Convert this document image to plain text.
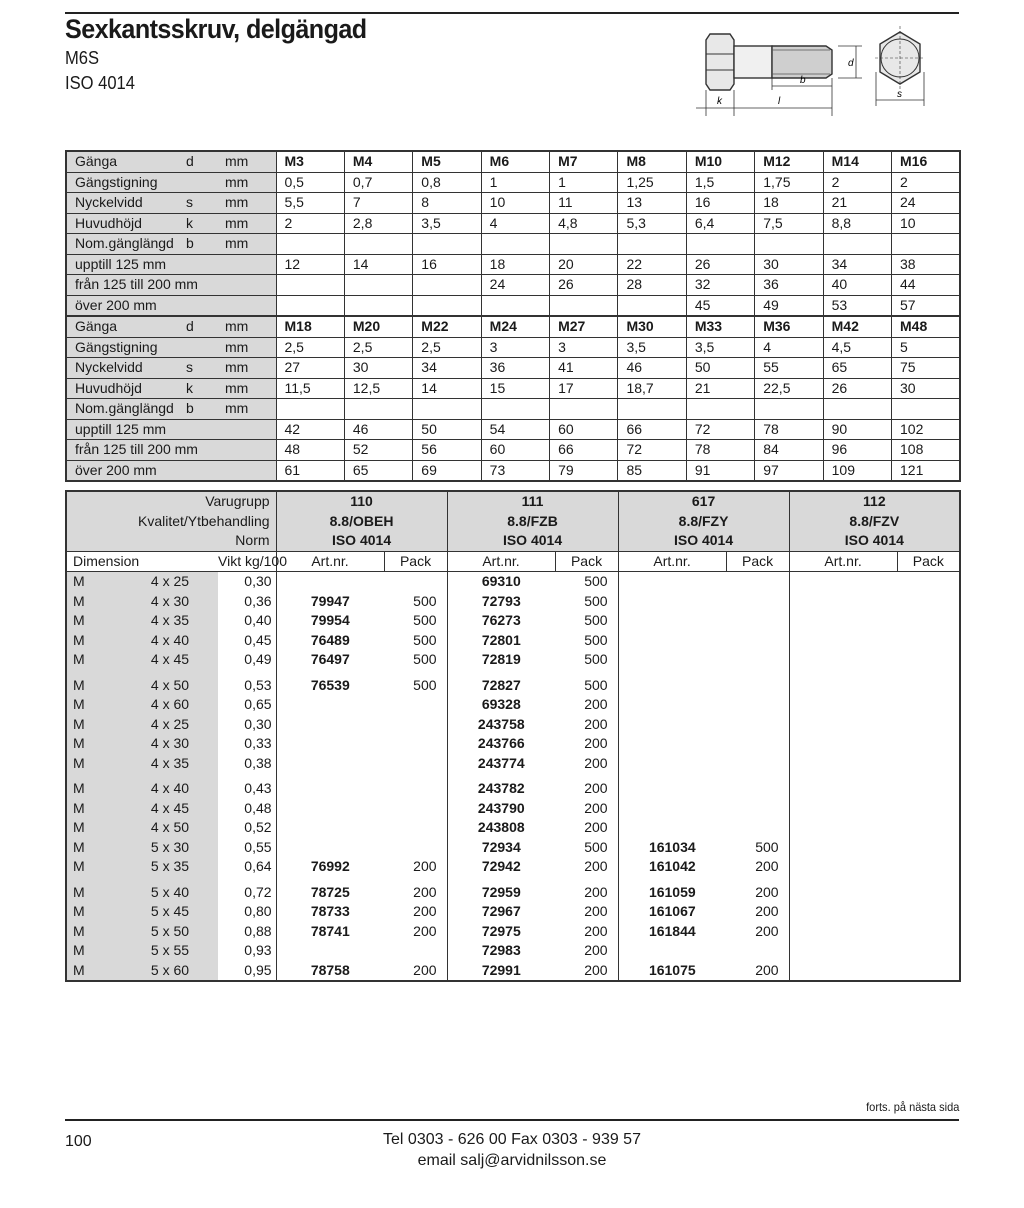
Sexkantsskruv, delgängad
M6S
ISO 4014
d
b
k	l
s
Gänga d mm	M3	M4	M5	M6	M7	M8	M10	M12	M14	M16

Gängstigning mm	0,5	0,7	0,8	1	1	1,25	1,5	1,75	2	2

Nyckelvidd s mm	5,5	7	8	10	11	13	16	18	21	24

Huvudhöjd k mm	2	2,8	3,5	4	4,8	5,3	6,4	7,5	8,8	10

Nom.gänglängd b mm										

upptill 125 mm	12	14	16	18	20	22	26	30	34	38

från 125 till 200 mm				24	26	28	32	36	40	44

över 200 mm							45	49	53	57

Gänga d mm	M18	M20	M22	M24	M27	M30	M33	M36	M42	M48

Gängstigning mm	2,5	2,5	2,5	3	3	3,5	3,5	4	4,5	5

Nyckelvidd s mm	27	30	34	36	41	46	50	55	65	75

Huvudhöjd k mm	11,5	12,5	14	15	17	18,7	21	22,5	26	30

Nom.gänglängd b mm										

upptill 125 mm	42	46	50	54	60	66	72	78	90	102

från 125 till 200 mm	48	52	56	60	66	72	78	84	96	108

över 200 mm	61	65	69	73	79	85	91	97	109	121
Varugrupp			110		111		617		112	
Kvalitet/Ytbehandling			8.8/OBEH		8.8/FZB		8.8/FZY		8.8/FZV	
Norm			ISO 4014		ISO 4014		ISO 4014		ISO 4014	
Dimension		Vikt kg/100	Art.nr.	Pack	Art.nr.	Pack	Art.nr.	Pack	Art.nr.	Pack
M	4 x 25	0,30			69310	500				
M	4 x 30	0,36	79947	500	72793	500				
M	4 x 35	0,40	79954	500	76273	500				
M	4 x 40	0,45	76489	500	72801	500				
M	4 x 45	0,49	76497	500	72819	500				
M	4 x 50	0,53	76539	500	72827	500				
M	4 x 60	0,65			69328	200				
M	4 x 25	0,30			243758	200				
M	4 x 30	0,33			243766	200				
M	4 x 35	0,38			243774	200				
M	4 x 40	0,43			243782	200				
M	4 x 45	0,48			243790	200				
M	4 x 50	0,52			243808	200				
M	5 x 30	0,55			72934	500	161034	500		
M	5 x 35	0,64	76992	200	72942	200	161042	200		
M	5 x 40	0,72	78725	200	72959	200	161059	200		
M	5 x 45	0,80	78733	200	72967	200	161067	200		
M	5 x 50	0,88	78741	200	72975	200	161844	200		
M	5 x 55	0,93			72983	200				
M	5 x 60	0,95	78758	200	72991	200	161075	200		
forts. på nästa sida
100	Tel 0303 - 626 00 Fax 0303 - 939 57
email salj@arvidnilsson.se
